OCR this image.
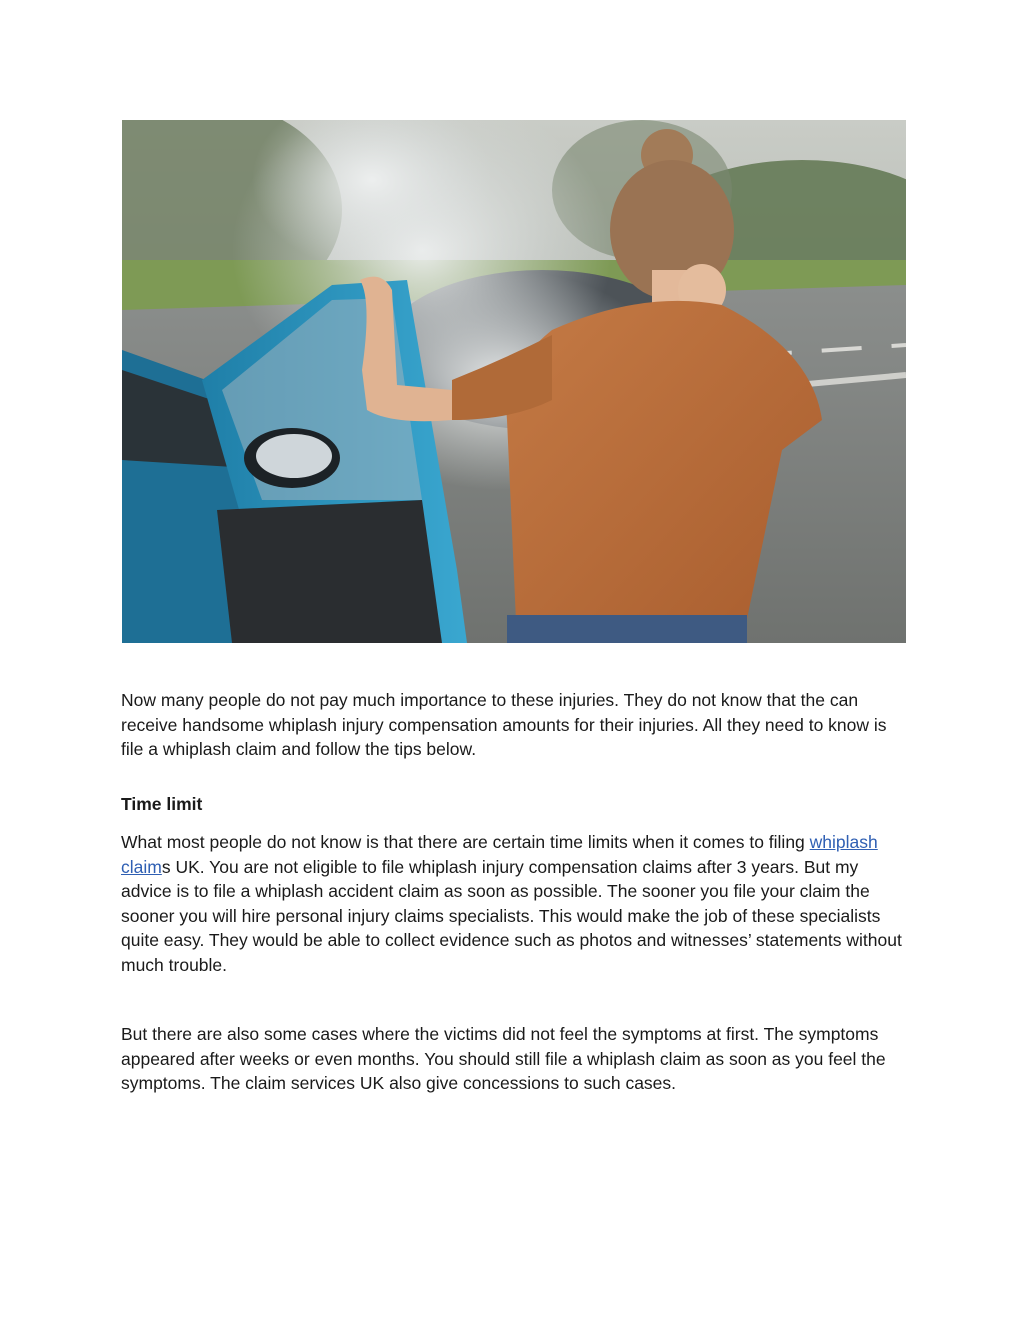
Now many people do not pay much importance to these injuries. They do not know that the can receive handsome whiplash injury compensation amounts for their injuries. All they need to know is file a whiplash claim and follow the tips below.

Time limit

What most people do not know is that there are certain time limits when it comes to filing whiplash claims UK. You are not eligible to file whiplash injury compensation claims after 3 years. But my advice is to file a whiplash accident claim as soon as possible. The sooner you file your claim the sooner you will hire personal injury claims specialists. This would make the job of these specialists quite easy. They would be able to collect evidence such as photos and witnesses’ statements without much trouble.

But there are also some cases where the victims did not feel the symptoms at first. The symptoms appeared after weeks or even months. You should still file a whiplash claim as soon as you feel the symptoms. The claim services UK also give concessions to such cases.
